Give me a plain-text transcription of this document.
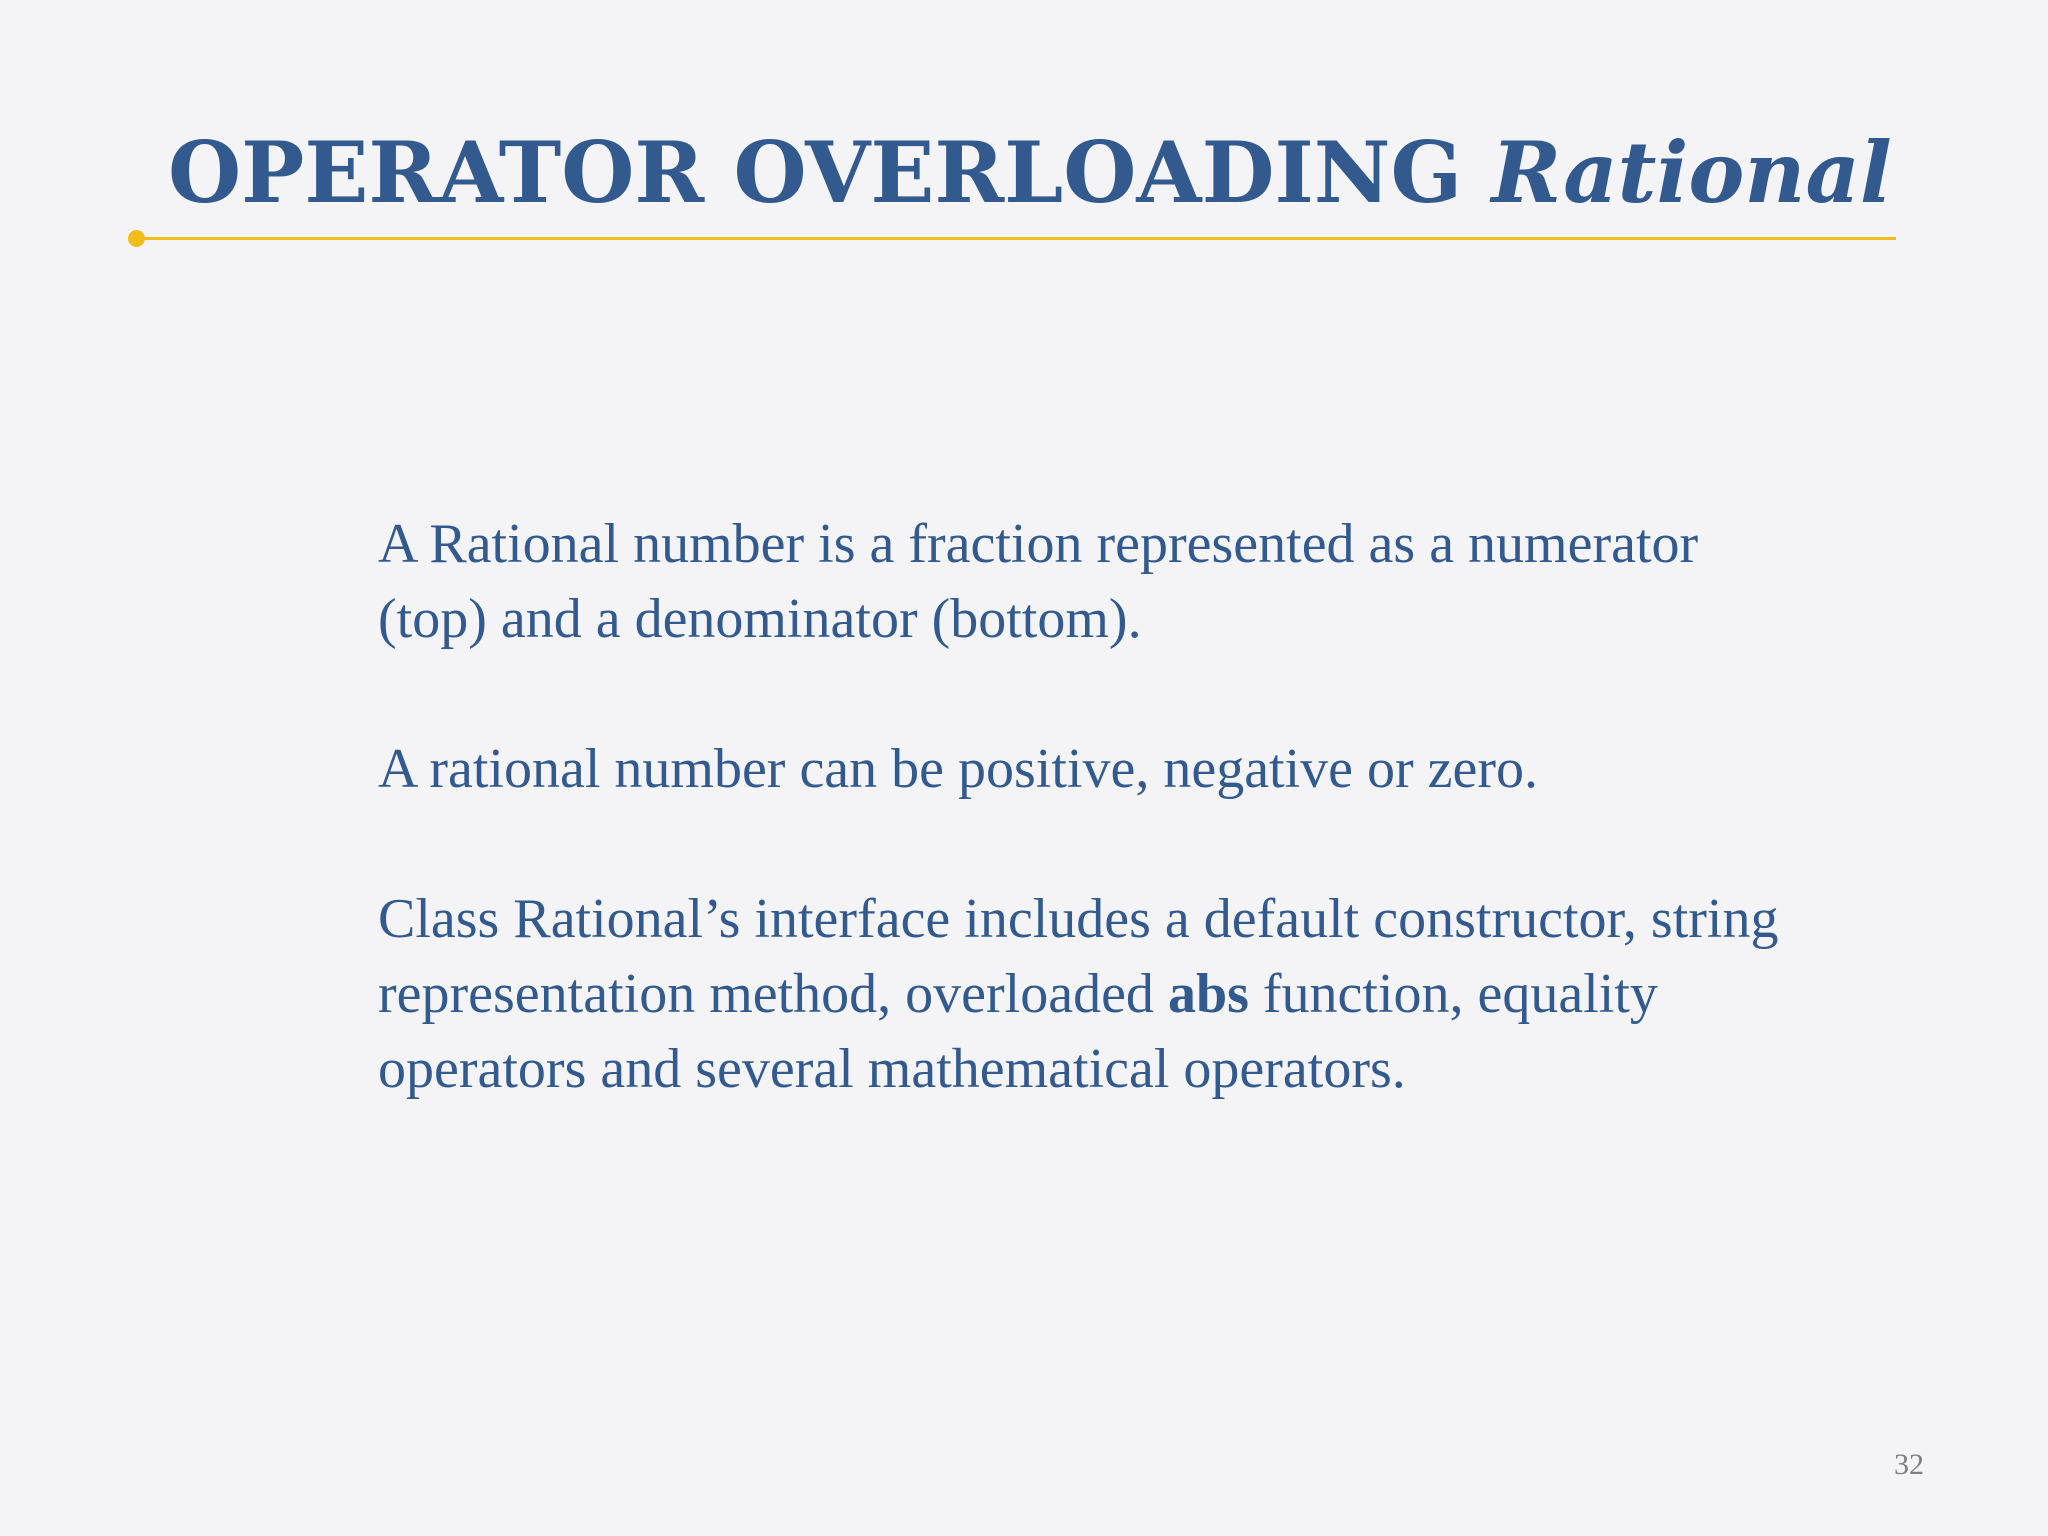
OPERATOR OVERLOADING Rational

A Rational number is a fraction represented as a numerator (top) and a denominator (bottom).

A rational number can be positive, negative or zero.

Class Rational’s interface includes a default constructor, string representation method, overloaded abs function, equality operators and several mathematical operators.

32
